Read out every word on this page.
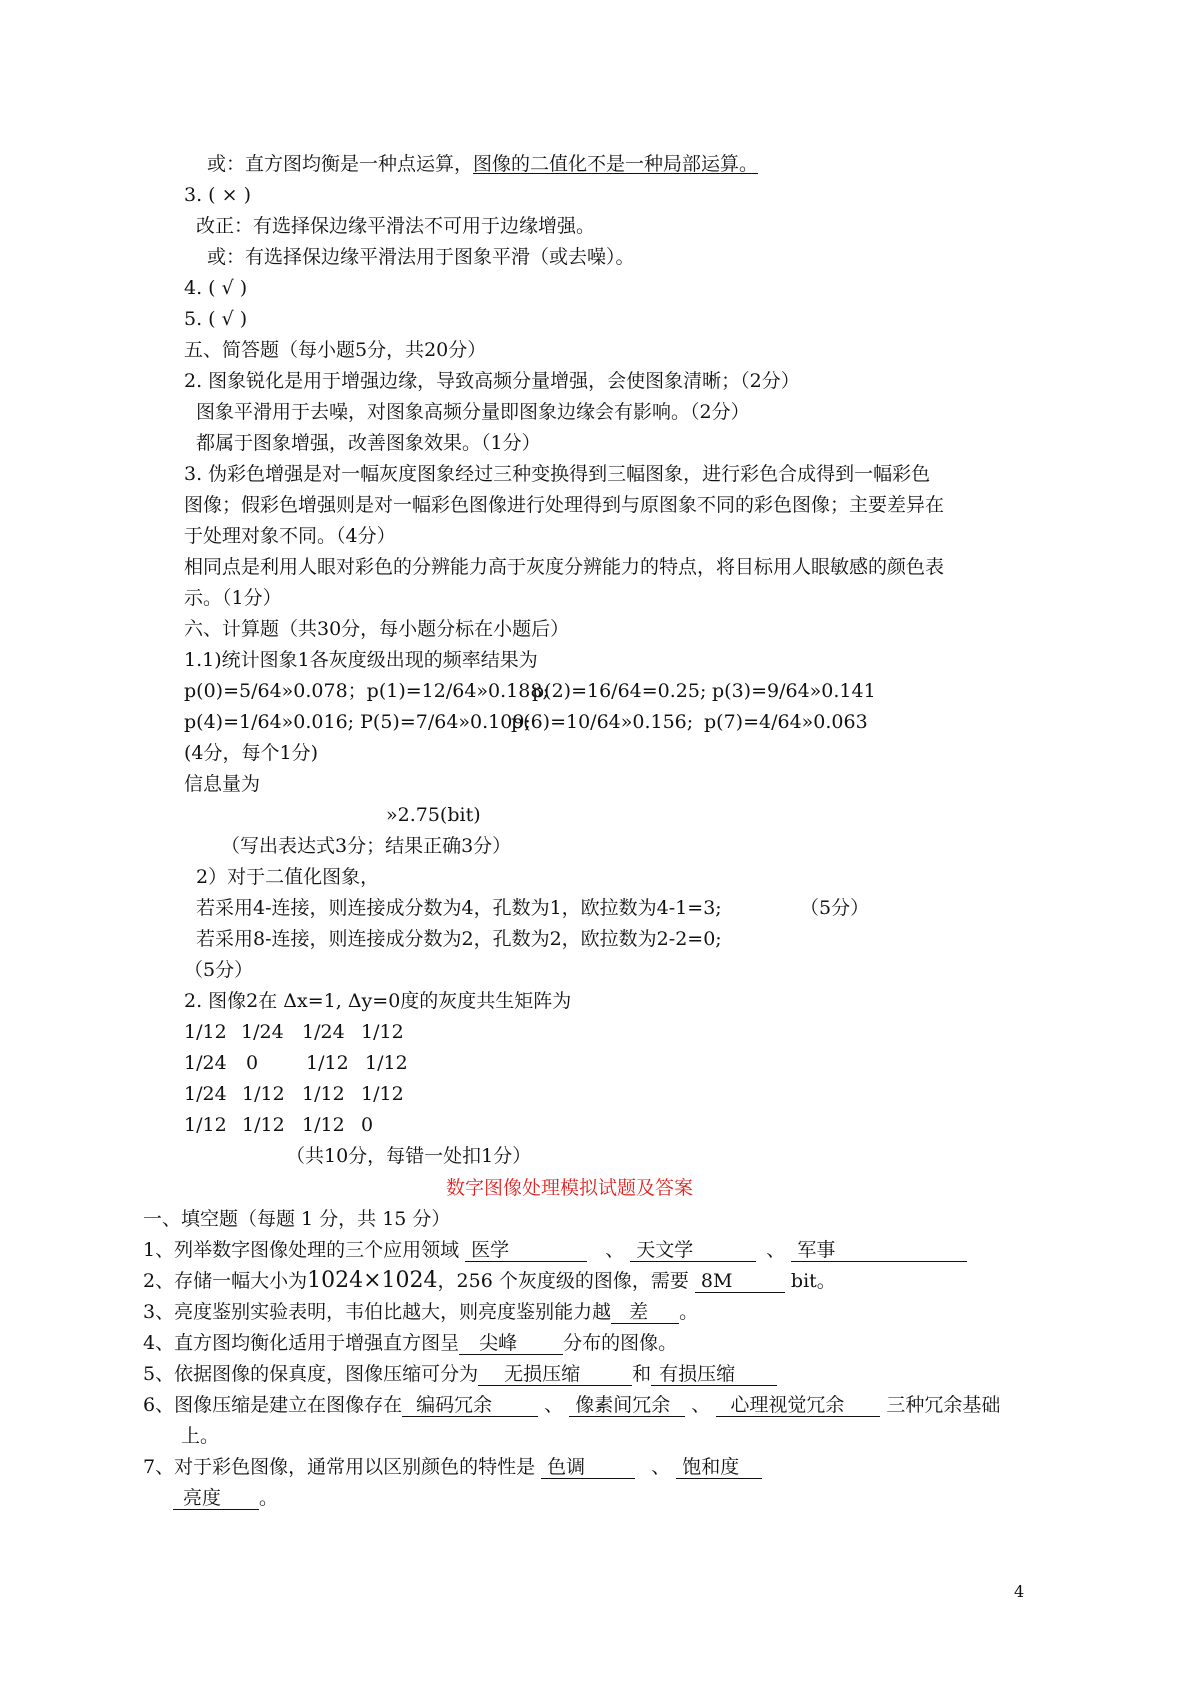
或：直方图均衡是一种点运算，图像的二值化不是一种局部运算。
3. ( × )
改正：有选择保边缘平滑法不可用于边缘增强。
或：有选择保边缘平滑法用于图象平滑（或去噪）。
4. ( √ )
5. ( √ )
五、简答题（每小题5分，共20分）
2. 图象锐化是用于增强边缘，导致高频分量增强，会使图象清晰；（2分）
图象平滑用于去噪，对图象高频分量即图象边缘会有影响。（2分）
都属于图象增强，改善图象效果。（1分）
3. 伪彩色增强是对一幅灰度图象经过三种变换得到三幅图象，进行彩色合成得到一幅彩色
图像；假彩色增强则是对一幅彩色图像进行处理得到与原图象不同的彩色图像；主要差异在
于处理对象不同。（4分）
相同点是利用人眼对彩色的分辨能力高于灰度分辨能力的特点，将目标用人眼敏感的颜色表
示。（1分）
六、计算题（共30分，每小题分标在小题后）
1.1)统计图象1各灰度级出现的频率结果为
p(0)=5/64»0.078；p(1)=12/64»0.188;
p(2)=16/64=0.25; p(3)=9/64»0.141
p(4)=1/64»0.016; P(5)=7/64»0.109;
p(6)=10/64»0.156; p(7)=4/64»0.063
(4分，每个1分)
信息量为
»2.75(bit)
（写出表达式3分；结果正确3分）
2）对于二值化图象，
若采用4-连接，则连接成分数为4，孔数为1，欧拉数为4-1=3;	（5分）
若采用8-连接，则连接成分数为2，孔数为2，欧拉数为2-2=0;
（5分）
2. 图像2在 Δx=1, Δy=0度的灰度共生矩阵为
1/12 1/24 1/24 1/12
1/24 0	1/12 1/12
1/24 1/12 1/12 1/12
1/12 1/12 1/12 0
（共10分，每错一处扣1分）
数字图像处理模拟试题及答案
一、填空题（每题 1 分，共 15 分）
1、列举数字图像处理的三个应用领域 医学	、 天文学	、 军事
2、存储一幅大小为1024×1024，256 个灰度级的图像，需要 8M	bit。
3、亮度鉴别实验表明，韦伯比越大，则亮度鉴别能力越 差 。
4、直方图均衡化适用于增强直方图呈 尖峰 分布的图像。
5、依据图像的保真度，图像压缩可分为 无损压缩	和 有损压缩
6、图像压缩是建立在图像存在 编码冗余	、 像素间冗余 、 心理视觉冗余 三种冗余基础
上。
7、对于彩色图像，通常用以区别颜色的特性是 色调	、 饱和度
亮度 。
4
